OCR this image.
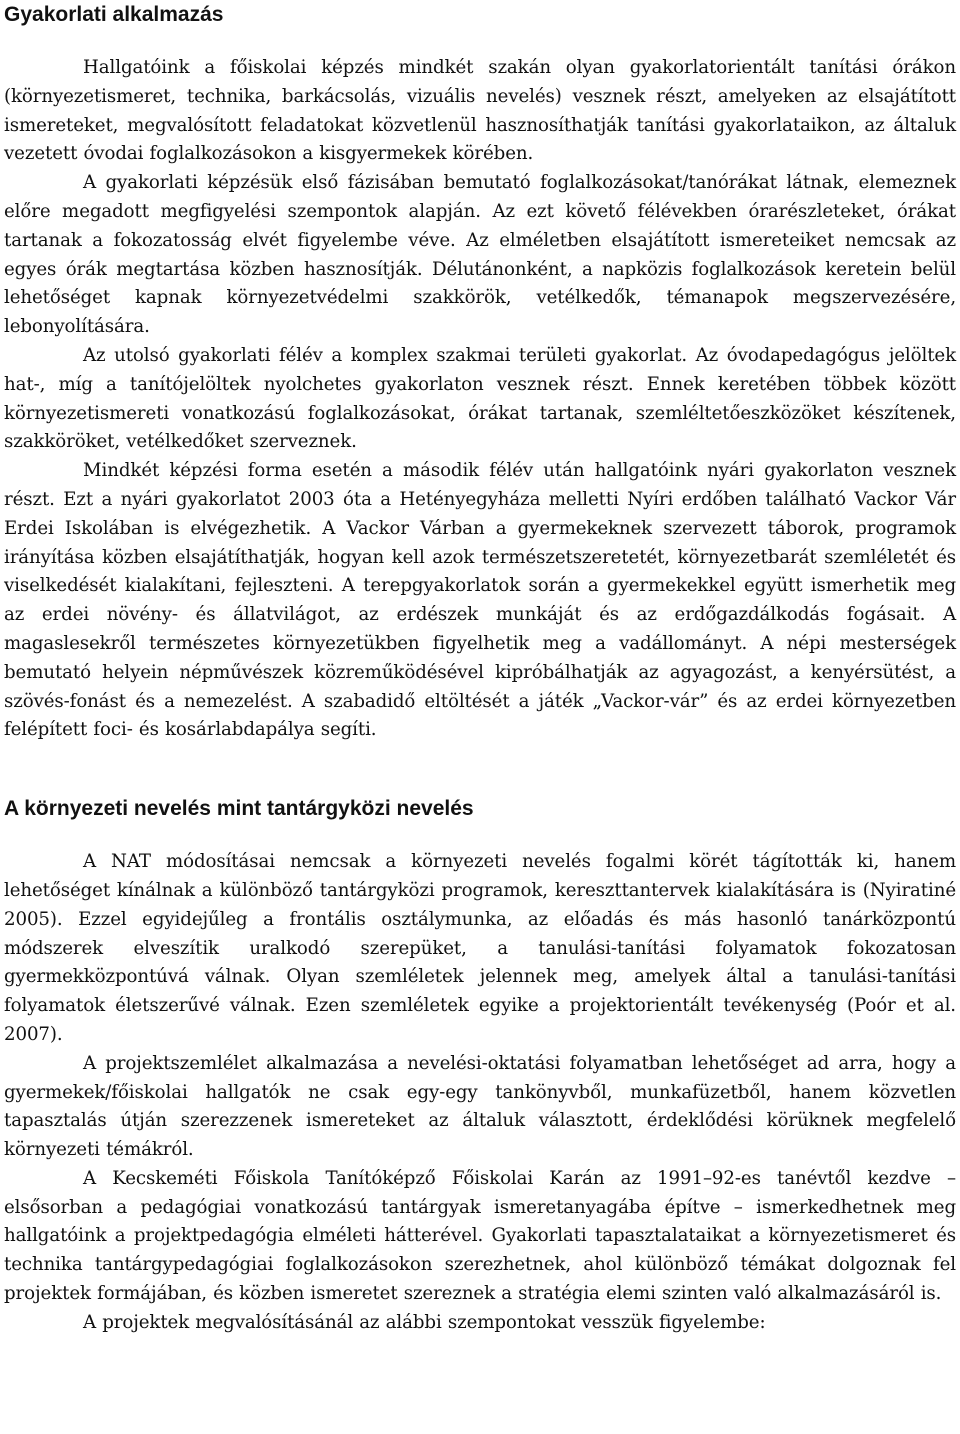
Gyakorlati alkalmazás

Hallgatóink a főiskolai képzés mindkét szakán olyan gyakorlatorientált tanítási órákon (környezetismeret, technika, barkácsolás, vizuális nevelés) vesznek részt, amelyeken az elsajátított ismereteket, megvalósított feladatokat közvetlenül hasznosíthatják tanítási gyakorlataikon, az általuk vezetett óvodai foglalkozásokon a kisgyermekek körében.

A gyakorlati képzésük első fázisában bemutató foglalkozásokat/tanórákat látnak, elemeznek előre megadott megfigyelési szempontok alapján. Az ezt követő félévekben órarészleteket, órákat tartanak a fokozatosság elvét figyelembe véve. Az elméletben elsajátított ismereteiket nemcsak az egyes órák megtartása közben hasznosítják. Délutánonként, a napközis foglalkozások keretein belül lehetőséget kapnak környezetvédelmi szakkörök, vetélkedők, témanapok megszervezésére, lebonyolítására.

Az utolsó gyakorlati félév a komplex szakmai területi gyakorlat. Az óvodapedagógus jelöltek hat-, míg a tanítójelöltek nyolchetes gyakorlaton vesznek részt. Ennek keretében többek között környezetismereti vonatkozású foglalkozásokat, órákat tartanak, szemléltetőeszközöket készítenek, szakköröket, vetélkedőket szerveznek.

Mindkét képzési forma esetén a második félév után hallgatóink nyári gyakorlaton vesznek részt. Ezt a nyári gyakorlatot 2003 óta a Hetényegyháza melletti Nyíri erdőben található Vackor Vár Erdei Iskolában is elvégezhetik. A Vackor Várban a gyermekeknek szervezett táborok, programok irányítása közben elsajátíthatják, hogyan kell azok természetszeretetét, környezetbarát szemléletét és viselkedését kialakítani, fejleszteni. A terepgyakorlatok során a gyermekekkel együtt ismerhetik meg az erdei növény- és állatvilágot, az erdészek munkáját és az erdőgazdálkodás fogásait. A magaslesekről természetes környezetükben figyelhetik meg a vadállományt. A népi mesterségek bemutató helyein népművészek közreműködésével kipróbálhatják az agyagozást, a kenyérsütést, a szövés-fonást és a nemezelést. A szabadidő eltöltését a játék „Vackor-vár” és az erdei környezetben felépített foci- és kosárlabdapálya segíti.

A környezeti nevelés mint tantárgyközi nevelés

A NAT módosításai nemcsak a környezeti nevelés fogalmi körét tágították ki, hanem lehetőséget kínálnak a különböző tantárgyközi programok, kereszttantervek kialakítására is (Nyiratiné 2005). Ezzel egyidejűleg a frontális osztálymunka, az előadás és más hasonló tanárközpontú módszerek elveszítik uralkodó szerepüket, a tanulási-tanítási folyamatok fokozatosan gyermekközpontúvá válnak. Olyan szemléletek jelennek meg, amelyek által a tanulási-tanítási folyamatok életszerűvé válnak. Ezen szemléletek egyike a projektorientált tevékenység (Poór et al. 2007).

A projektszemlélet alkalmazása a nevelési-oktatási folyamatban lehetőséget ad arra, hogy a gyermekek/főiskolai hallgatók ne csak egy-egy tankönyvből, munkafüzetből, hanem közvetlen tapasztalás útján szerezzenek ismereteket az általuk választott, érdeklődési körüknek megfelelő környezeti témákról.

A Kecskeméti Főiskola Tanítóképző Főiskolai Karán az 1991–92-es tanévtől kezdve – elsősorban a pedagógiai vonatkozású tantárgyak ismeretanyagába építve – ismerkedhetnek meg hallgatóink a projektpedagógia elméleti hátterével. Gyakorlati tapasztalataikat a környezetismeret és technika tantárgypedagógiai foglalkozásokon szerezhetnek, ahol különböző témákat dolgoznak fel projektek formájában, és közben ismeretet szereznek a stratégia elemi szinten való alkalmazásáról is.

A projektek megvalósításánál az alábbi szempontokat vesszük figyelembe:
